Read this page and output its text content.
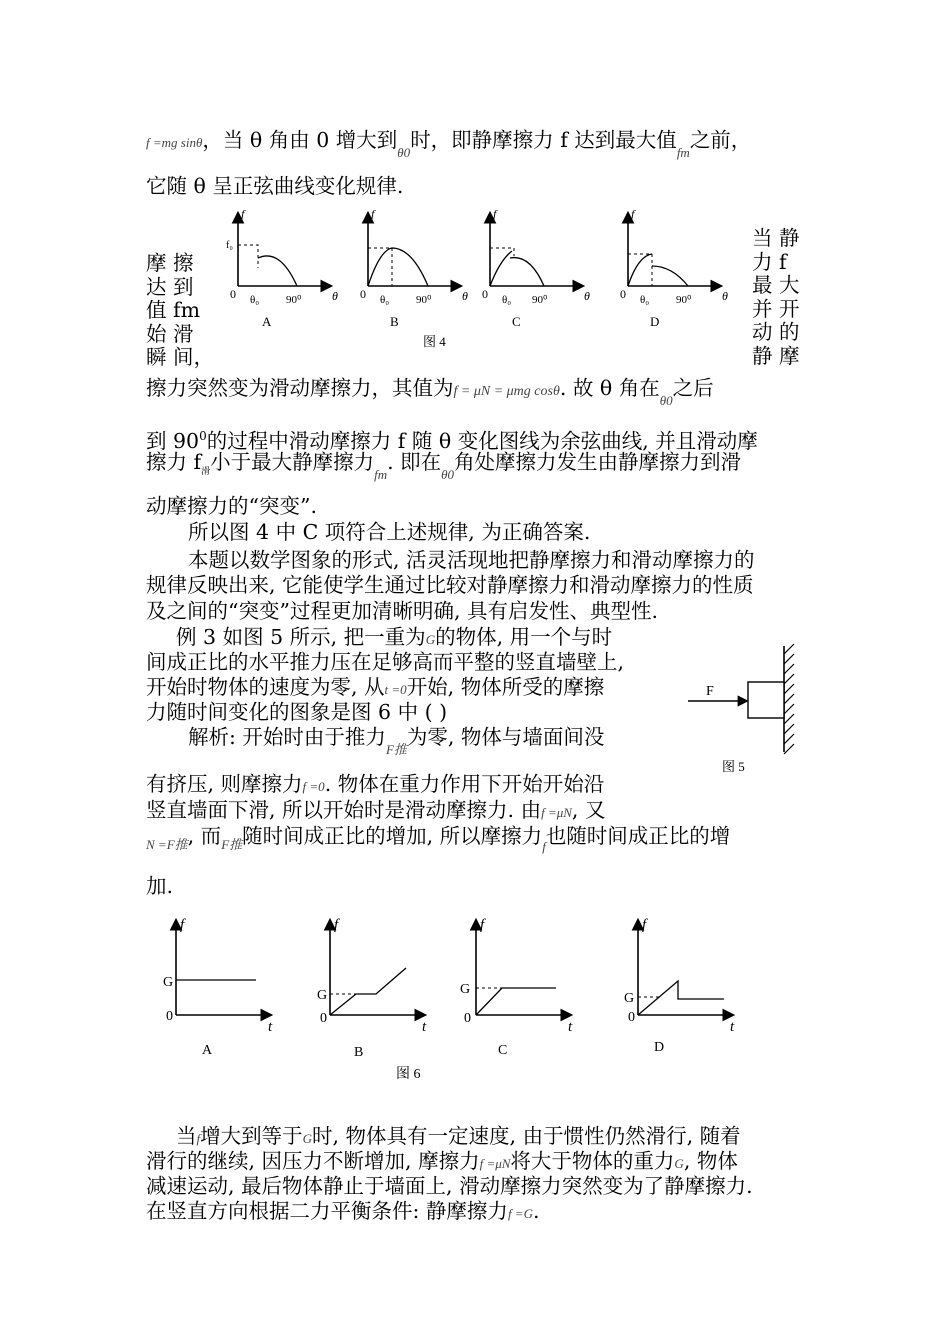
f =mg sinθ，当 θ 角由 0 增大到$_{\theta 0}$时，即静摩擦力 f 达到最大值$_{fm}$之前，
它随 θ 呈正弦曲线变化规律.
摩 擦
达 到
值 fm
始 滑
瞬 间，
当 静
力 f
最 大
并 开
动 的
静 摩
f
θ
f₀
0 θ₀ 90⁰
A
f
θ
0 θ₀ 90⁰
B
f
θ
0 θ₀ 90⁰
C
f
θ
0 θ₀ 90⁰
D
图 4
擦力突然变为滑动摩擦力，其值为f = μN = μmg cosθ. 故 θ 角在$_{\theta 0}$之后
到 $90^0$的过程中滑动摩擦力 f 随 θ 变化图线为余弦曲线, 并且滑动摩
擦力 $f_滑$小于最大静摩擦力$_{fm}$. 即在$_{\theta 0}$角处摩擦力发生由静摩擦力到滑
动摩擦力的“突变”.
所以图 4 中 C 项符合上述规律, 为正确答案.
本题以数学图象的形式, 活灵活现地把静摩擦力和滑动摩擦力的
规律反映出来, 它能使学生通过比较对静摩擦力和滑动摩擦力的性质
及之间的“突变”过程更加清晰明确, 具有启发性、典型性.
例 3 如图 5 所示, 把一重为G的物体, 用一个与时
间成正比的水平推力压在足够高而平整的竖直墙壁上,
开始时物体的速度为零, 从t =0开始, 物体所受的摩擦
力随时间变化的图象是图 6 中 ( )
解析: 开始时由于推力$_{F推}$为零, 物体与墙面间没
有挤压, 则摩擦力f =0. 物体在重力作用下开始开始沿
竖直墙面下滑, 所以开始时是滑动摩擦力. 由f =μN, 又
$_{N =F推}$, 而$_{F推}$随时间成正比的增加, 所以摩擦力$_f$也随时间成正比的增
加.
F
图 5
f
t
G
0
A
f
t
G
0
B
f
t
G
0
C
f
t
G
0
D
图 6
当f增大到等于G时, 物体具有一定速度, 由于惯性仍然滑行, 随着
滑行的继续, 因压力不断增加, 摩擦力f =μN将大于物体的重力G, 物体
减速运动, 最后物体静止于墙面上, 滑动摩擦力突然变为了静摩擦力.
在竖直方向根据二力平衡条件: 静摩擦力f =G.
